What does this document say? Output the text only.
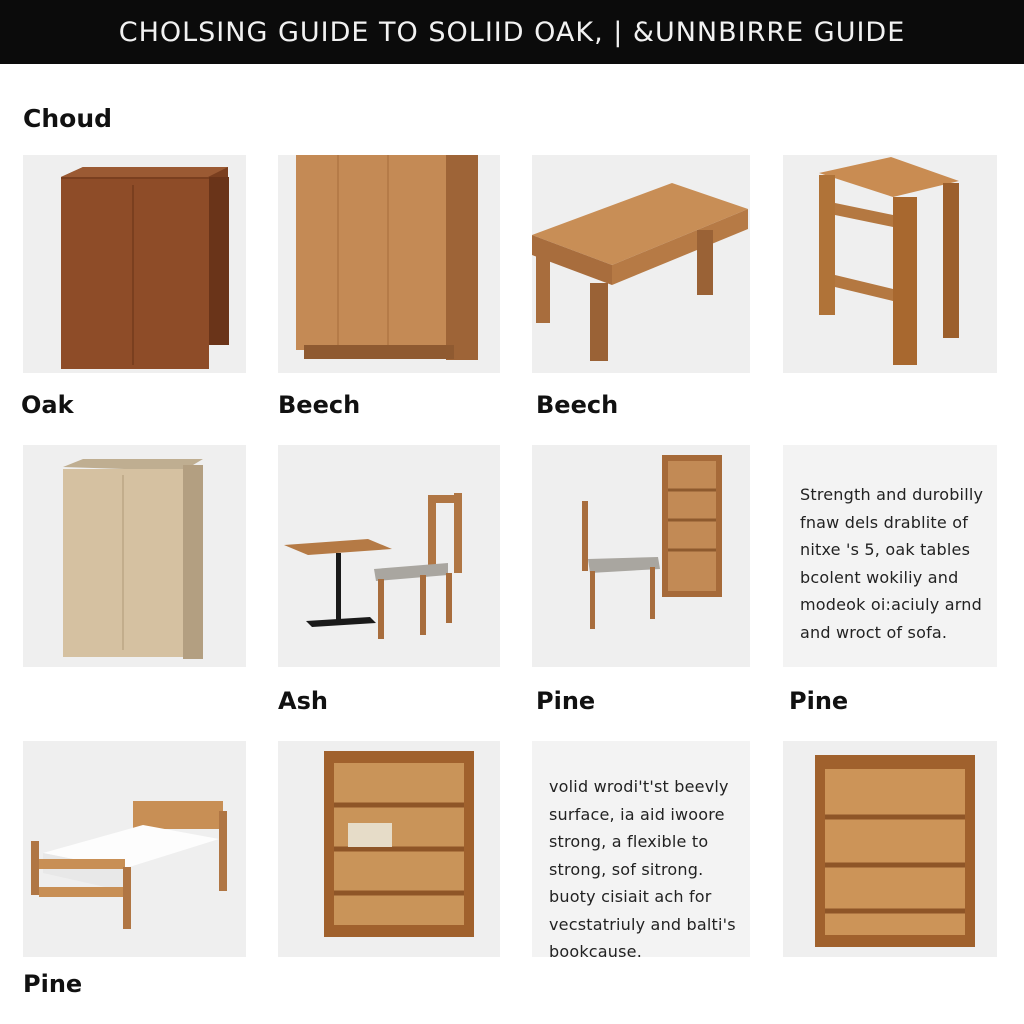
CHOLSING GUIDE TO SOLIID OAK, | &UNNBIRRE GUIDE
Choud
Oak	Beech	Beech
Strength and durobilly
fnaw dels drablite of
nitxe 's 5, oak tables
bcolent wokiliy and
modeok oi:aciuly arnd
and wroct of sofa.
Ash	Pine	Pine
volid wrodi't'st beevly
surface, ia aid iwoore
strong, a flexible to
strong, sof sitrong.
buoty cisiait ach for
vecstatriuly and balti's
bookcause.
Pine
